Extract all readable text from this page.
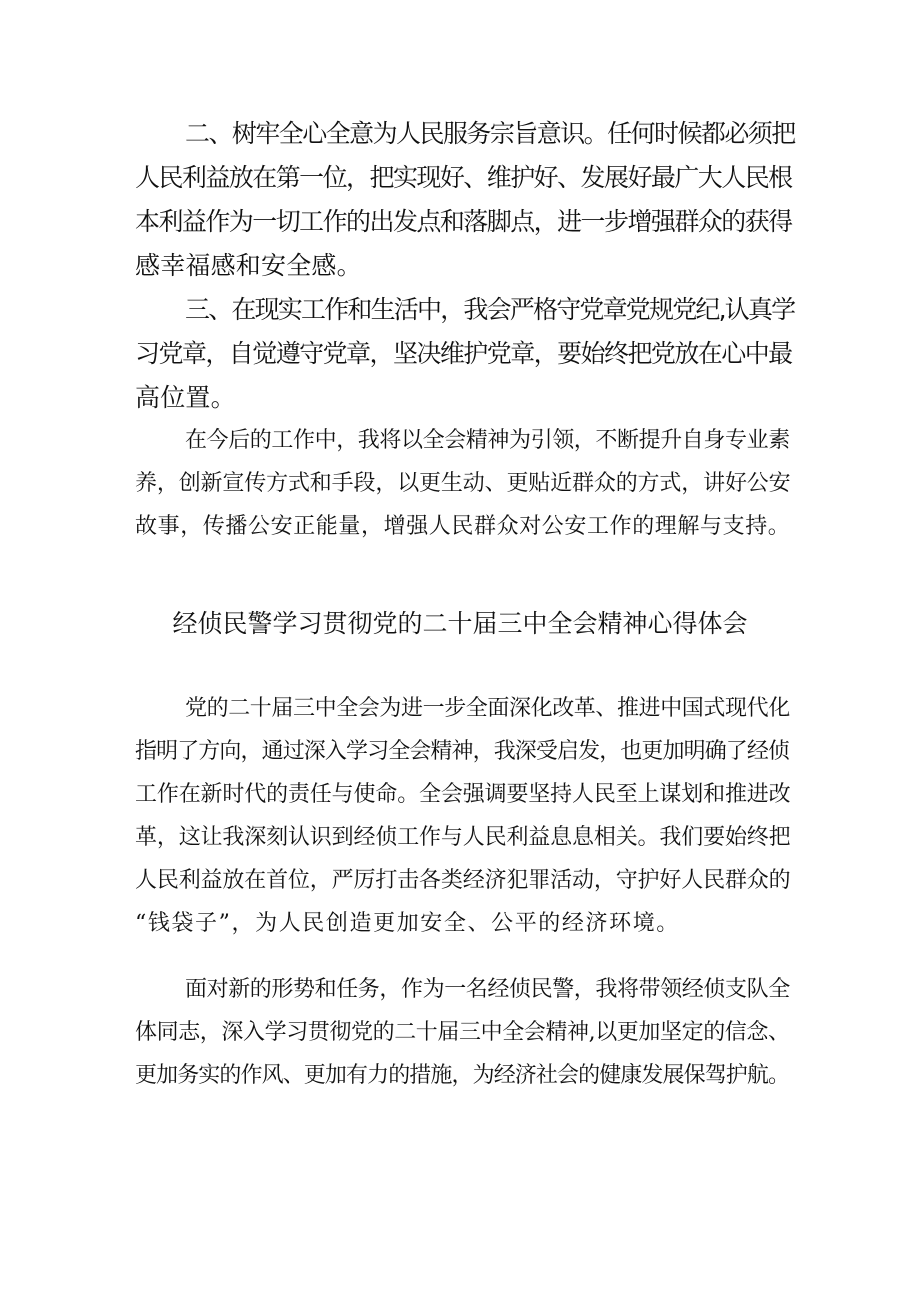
二、树牢全心全意为人民服务宗旨意识。任何时候都必须把
人民利益放在第一位，把实现好、维护好、发展好最广大人民根
本利益作为一切工作的出发点和落脚点，进一步增强群众的获得
感幸福感和安全感。

三、在现实工作和生活中，我会严格守党章党规党纪,认真学
习党章，自觉遵守党章，坚决维护党章，要始终把党放在心中最
高位置。

在今后的工作中，我将以全会精神为引领，不断提升自身专业素
养，创新宣传方式和手段，以更生动、更贴近群众的方式，讲好公安
故事，传播公安正能量，增强人民群众对公安工作的理解与支持。

经侦民警学习贯彻党的二十届三中全会精神心得体会

党的二十届三中全会为进一步全面深化改革、推进中国式现代化
指明了方向，通过深入学习全会精神，我深受启发，也更加明确了经侦
工作在新时代的责任与使命。全会强调要坚持人民至上谋划和推进改
革，这让我深刻认识到经侦工作与人民利益息息相关。我们要始终把
人民利益放在首位，严厉打击各类经济犯罪活动，守护好人民群众的
“钱袋子”，为人民创造更加安全、公平的经济环境。

面对新的形势和任务，作为一名经侦民警，我将带领经侦支队全
体同志，深入学习贯彻党的二十届三中全会精神,以更加坚定的信念、
更加务实的作风、更加有力的措施，为经济社会的健康发展保驾护航。
